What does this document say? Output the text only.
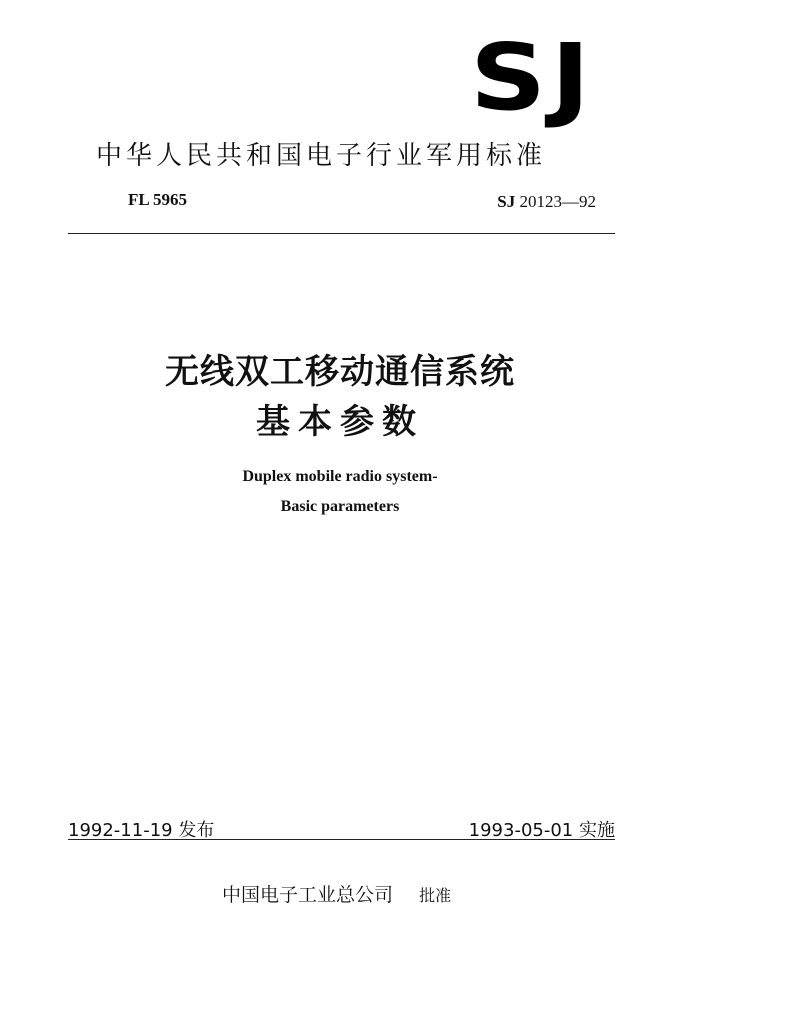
SJ
中华人民共和国电子行业军用标准
FL 5965	SJ 20123—92
无线双工移动通信系统
基本参数
Duplex mobile radio system-
Basic parameters
1992-11-19 发布	1993-05-01 实施
中国电子工业总公司 批准
